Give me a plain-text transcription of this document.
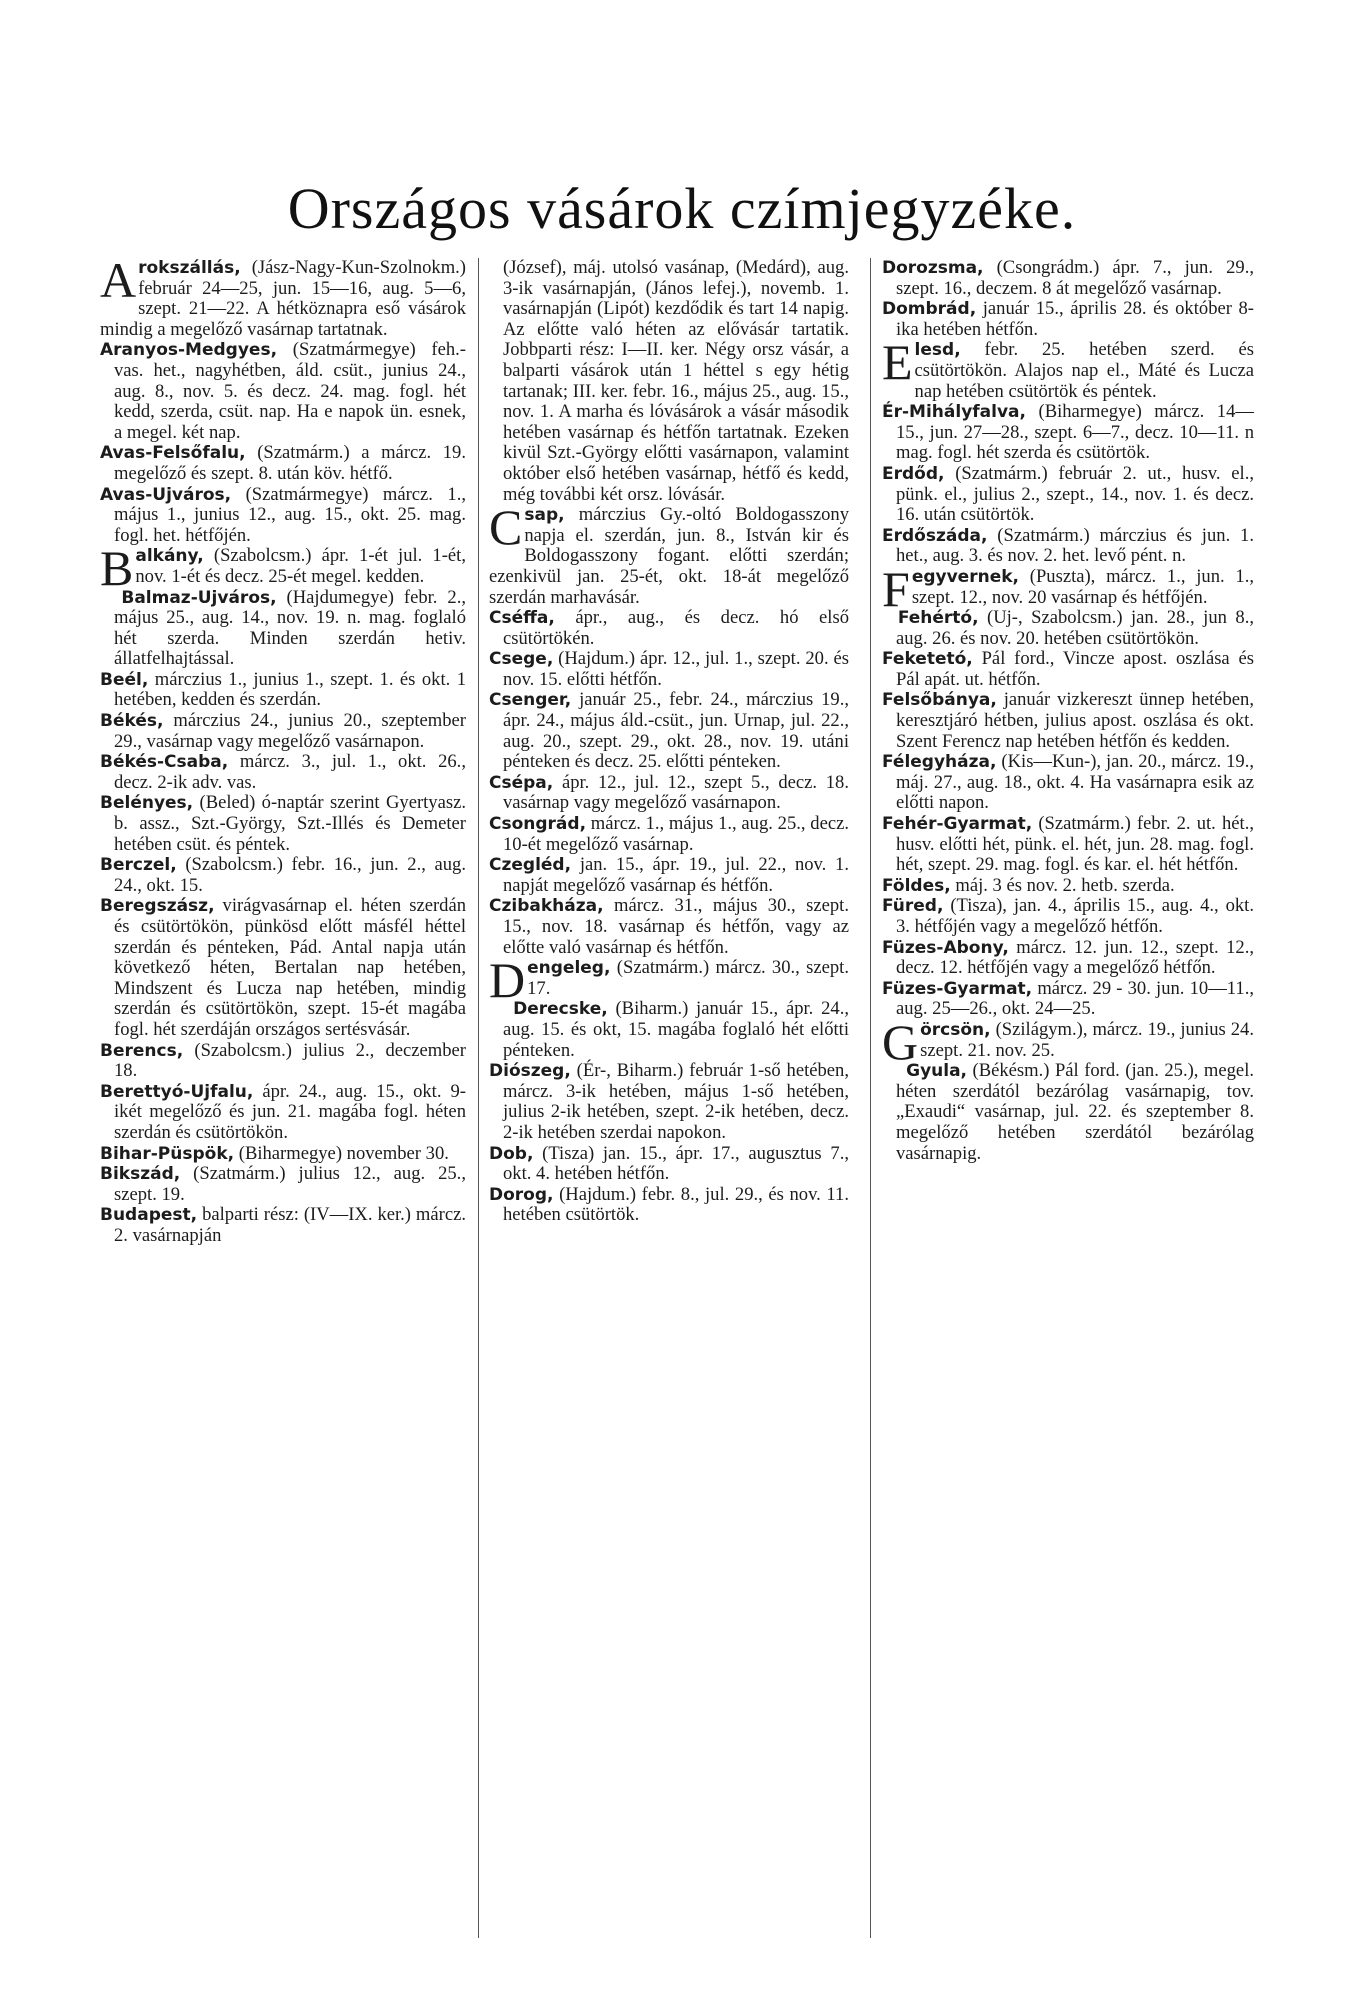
Országos vásárok czímjegyzéke.

Arokszállás, (Jász-Nagy-Kun-Szolnokm.) február 24—25, jun. 15—16, aug. 5—6, szept. 21—22. A hétköznapra eső vásárok mindig a megelőző vasárnap tartatnak.

Aranyos-Medgyes, (Szatmármegye) feh.-vas. het., nagyhétben, áld. csüt., junius 24., aug. 8., nov. 5. és decz. 24. mag. fogl. hét kedd, szerda, csüt. nap. Ha e napok ün. esnek, a megel. két nap.

Avas-Felsőfalu, (Szatmárm.) a márcz. 19. megelőző és szept. 8. után köv. hétfő.

Avas-Ujváros, (Szatmármegye) márcz. 1., május 1., junius 12., aug. 15., okt. 25. mag. fogl. het. hétfőjén.

Balkány, (Szabolcsm.) ápr. 1-ét jul. 1-ét, nov. 1-ét és decz. 25-ét megel. kedden.

Balmaz-Ujváros, (Hajdumegye) febr. 2., május 25., aug. 14., nov. 19. n. mag. foglaló hét szerda. Minden szerdán hetiv. állatfelhajtással.

Beél, márczius 1., junius 1., szept. 1. és okt. 1 hetében, kedden és szerdán.

Békés, márczius 24., junius 20., szeptember 29., vasárnap vagy megelőző vasárnapon.

Békés-Csaba, márcz. 3., jul. 1., okt. 26., decz. 2-ik adv. vas.

Belényes, (Beled) ó-naptár szerint Gyertyasz. b. assz., Szt.-György, Szt.-Illés és Demeter hetében csüt. és péntek.

Berczel, (Szabolcsm.) febr. 16., jun. 2., aug. 24., okt. 15.

Beregszász, virágvasárnap el. héten szerdán és csütörtökön, pünkösd előtt másfél héttel szerdán és pénteken, Pád. Antal napja után következő héten, Bertalan nap hetében, Mindszent és Lucza nap hetében, mindig szerdán és csütörtökön, szept. 15-ét magába fogl. hét szerdáján országos sertésvásár.

Berencs, (Szabolcsm.) julius 2., deczember 18.

Berettyó-Ujfalu, ápr. 24., aug. 15., okt. 9-ikét megelőző és jun. 21. magába fogl. héten szerdán és csütörtökön.

Bihar-Püspök, (Biharmegye) november 30.

Bikszád, (Szatmárm.) julius 12., aug. 25., szept. 19.

Budapest, balparti rész: (IV—IX. ker.) márcz. 2. vasárnapján

(József), máj. utolsó vasánap, (Medárd), aug. 3-ik vasárnapján, (János lefej.), novemb. 1. vasárnapján (Lipót) kezdődik és tart 14 napig. Az előtte való héten az elővásár tartatik. Jobbparti rész: I—II. ker. Négy orsz vásár, a balparti vásárok után 1 héttel s egy hétig tartanak; III. ker. febr. 16., május 25., aug. 15., nov. 1. A marha és lóvásárok a vásár második hetében vasárnap és hétfőn tartatnak. Ezeken kivül Szt.-György előtti vasárnapon, valamint október első hetében vasárnap, hétfő és kedd, még további két orsz. lóvásár.

Csap, márczius Gy.-oltó Boldogasszony napja el. szerdán, jun. 8., István kir és Boldogasszony fogant. előtti szerdán; ezenkivül jan. 25-ét, okt. 18-át megelőző szerdán marhavásár.

Cséffa, ápr., aug., és decz. hó első csütörtökén.

Csege, (Hajdum.) ápr. 12., jul. 1., szept. 20. és nov. 15. előtti hétfőn.

Csenger, január 25., febr. 24., márczius 19., ápr. 24., május áld.-csüt., jun. Urnap, jul. 22., aug. 20., szept. 29., okt. 28., nov. 19. utáni pénteken és decz. 25. előtti pénteken.

Csépa, ápr. 12., jul. 12., szept 5., decz. 18. vasárnap vagy megelőző vasárnapon.

Csongrád, márcz. 1., május 1., aug. 25., decz. 10-ét megelőző vasárnap.

Czegléd, jan. 15., ápr. 19., jul. 22., nov. 1. napját megelőző vasárnap és hétfőn.

Czibakháza, márcz. 31., május 30., szept. 15., nov. 18. vasárnap és hétfőn, vagy az előtte való vasárnap és hétfőn.

Dengeleg, (Szatmárm.) márcz. 30., szept. 17.

Derecske, (Biharm.) január 15., ápr. 24., aug. 15. és okt, 15. magába foglaló hét előtti pénteken.

Diószeg, (Ér-, Biharm.) február 1-ső hetében, márcz. 3-ik hetében, május 1-ső hetében, julius 2-ik hetében, szept. 2-ik hetében, decz. 2-ik hetében szerdai napokon.

Dob, (Tisza) jan. 15., ápr. 17., augusztus 7., okt. 4. hetében hétfőn.

Dorog, (Hajdum.) febr. 8., jul. 29., és nov. 11. hetében csütörtök.

Dorozsma, (Csongrádm.) ápr. 7., jun. 29., szept. 16., deczem. 8 át megelőző vasárnap.

Dombrád, január 15., április 28. és október 8-ika hetében hétfőn.

Elesd, febr. 25. hetében szerd. és csütörtökön. Alajos nap el., Máté és Lucza nap hetében csütörtök és péntek.

Ér-Mihályfalva, (Biharmegye) márcz. 14—15., jun. 27—28., szept. 6—7., decz. 10—11. n mag. fogl. hét szerda és csütörtök.

Erdőd, (Szatmárm.) február 2. ut., husv. el., pünk. el., julius 2., szept., 14., nov. 1. és decz. 16. után csütörtök.

Erdőszáda, (Szatmárm.) márczius és jun. 1. het., aug. 3. és nov. 2. het. levő pént. n.

Fegyvernek, (Puszta), márcz. 1., jun. 1., szept. 12., nov. 20 vasárnap és hétfőjén.

Fehértó, (Uj-, Szabolcsm.) jan. 28., jun 8., aug. 26. és nov. 20. hetében csütörtökön.

Feketetó, Pál ford., Vincze apost. oszlása és Pál apát. ut. hétfőn.

Felsőbánya, január vizkereszt ünnep hetében, keresztjáró hétben, julius apost. oszlása és okt. Szent Ferencz nap hetében hétfőn és kedden.

Félegyháza, (Kis—Kun-), jan. 20., márcz. 19., máj. 27., aug. 18., okt. 4. Ha vasárnapra esik az előtti napon.

Fehér-Gyarmat, (Szatmárm.) febr. 2. ut. hét., husv. előtti hét, pünk. el. hét, jun. 28. mag. fogl. hét, szept. 29. mag. fogl. és kar. el. hét hétfőn.

Földes, máj. 3 és nov. 2. hetb. szerda.

Füred, (Tisza), jan. 4., április 15., aug. 4., okt. 3. hétfőjén vagy a megelőző hétfőn.

Füzes-Abony, márcz. 12. jun. 12., szept. 12., decz. 12. hétfőjén vagy a megelőző hétfőn.

Füzes-Gyarmat, márcz. 29 - 30. jun. 10—11., aug. 25—26., okt. 24—25.

Görcsön, (Szilágym.), márcz. 19., junius 24. szept. 21. nov. 25.

Gyula, (Békésm.) Pál ford. (jan. 25.), megel. héten szerdától bezárólag vasárnapig, tov. „Exaudi“ vasárnap, jul. 22. és szeptember 8. megelőző hetében szerdától bezárólag vasárnapig.
